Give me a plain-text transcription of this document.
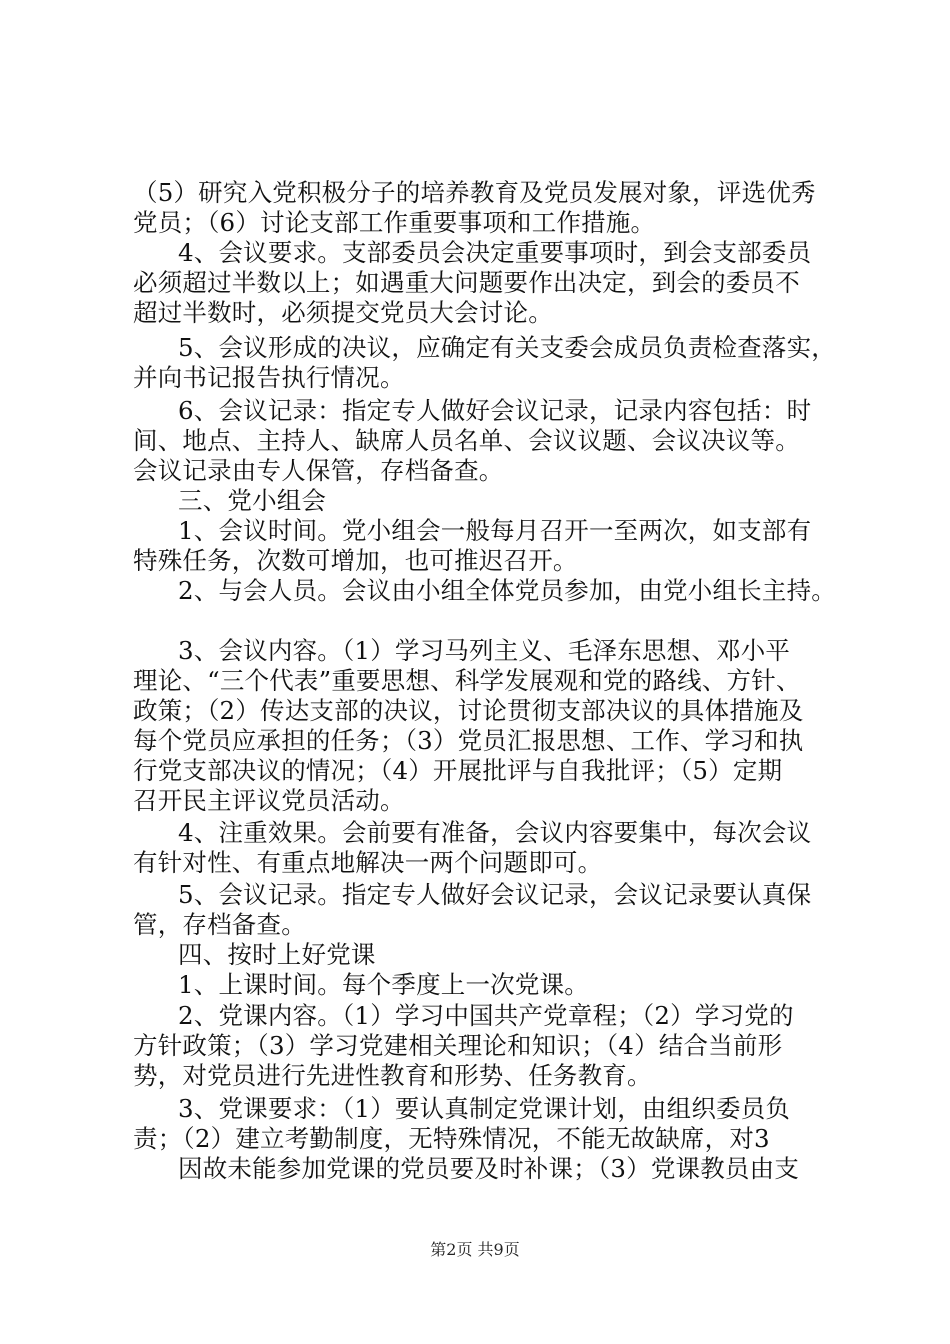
（5）研究入党积极分子的培养教育及党员发展对象，评选优秀
党员；（6）讨论支部工作重要事项和工作措施。
4、会议要求。支部委员会决定重要事项时，到会支部委员
必须超过半数以上；如遇重大问题要作出决定，到会的委员不
超过半数时，必须提交党员大会讨论。
5、会议形成的决议，应确定有关支委会成员负责检查落实，
并向书记报告执行情况。
6、会议记录：指定专人做好会议记录，记录内容包括：时
间、地点、主持人、缺席人员名单、会议议题、会议决议等。
会议记录由专人保管，存档备查。
三、党小组会
1、会议时间。党小组会一般每月召开一至两次，如支部有
特殊任务，次数可增加，也可推迟召开。
2、与会人员。会议由小组全体党员参加，由党小组长主持。
3、会议内容。（1）学习马列主义、毛泽东思想、邓小平
理论、“三个代表”重要思想、科学发展观和党的路线、方针、
政策；（2）传达支部的决议，讨论贯彻支部决议的具体措施及
每个党员应承担的任务；（3）党员汇报思想、工作、学习和执
行党支部决议的情况；（4）开展批评与自我批评；（5）定期
召开民主评议党员活动。
4、注重效果。会前要有准备，会议内容要集中，每次会议
有针对性、有重点地解决一两个问题即可。
5、会议记录。指定专人做好会议记录，会议记录要认真保
管，存档备查。
四、按时上好党课
1、上课时间。每个季度上一次党课。
2、党课内容。（1）学习中国共产党章程；（2）学习党的
方针政策；（3）学习党建相关理论和知识；（4）结合当前形
势，对党员进行先进性教育和形势、任务教育。
3、党课要求：（1）要认真制定党课计划，由组织委员负
责；（2）建立考勤制度，无特殊情况，不能无故缺席，对3
因故未能参加党课的党员要及时补课；（3）党课教员由支
第2页 共9页
